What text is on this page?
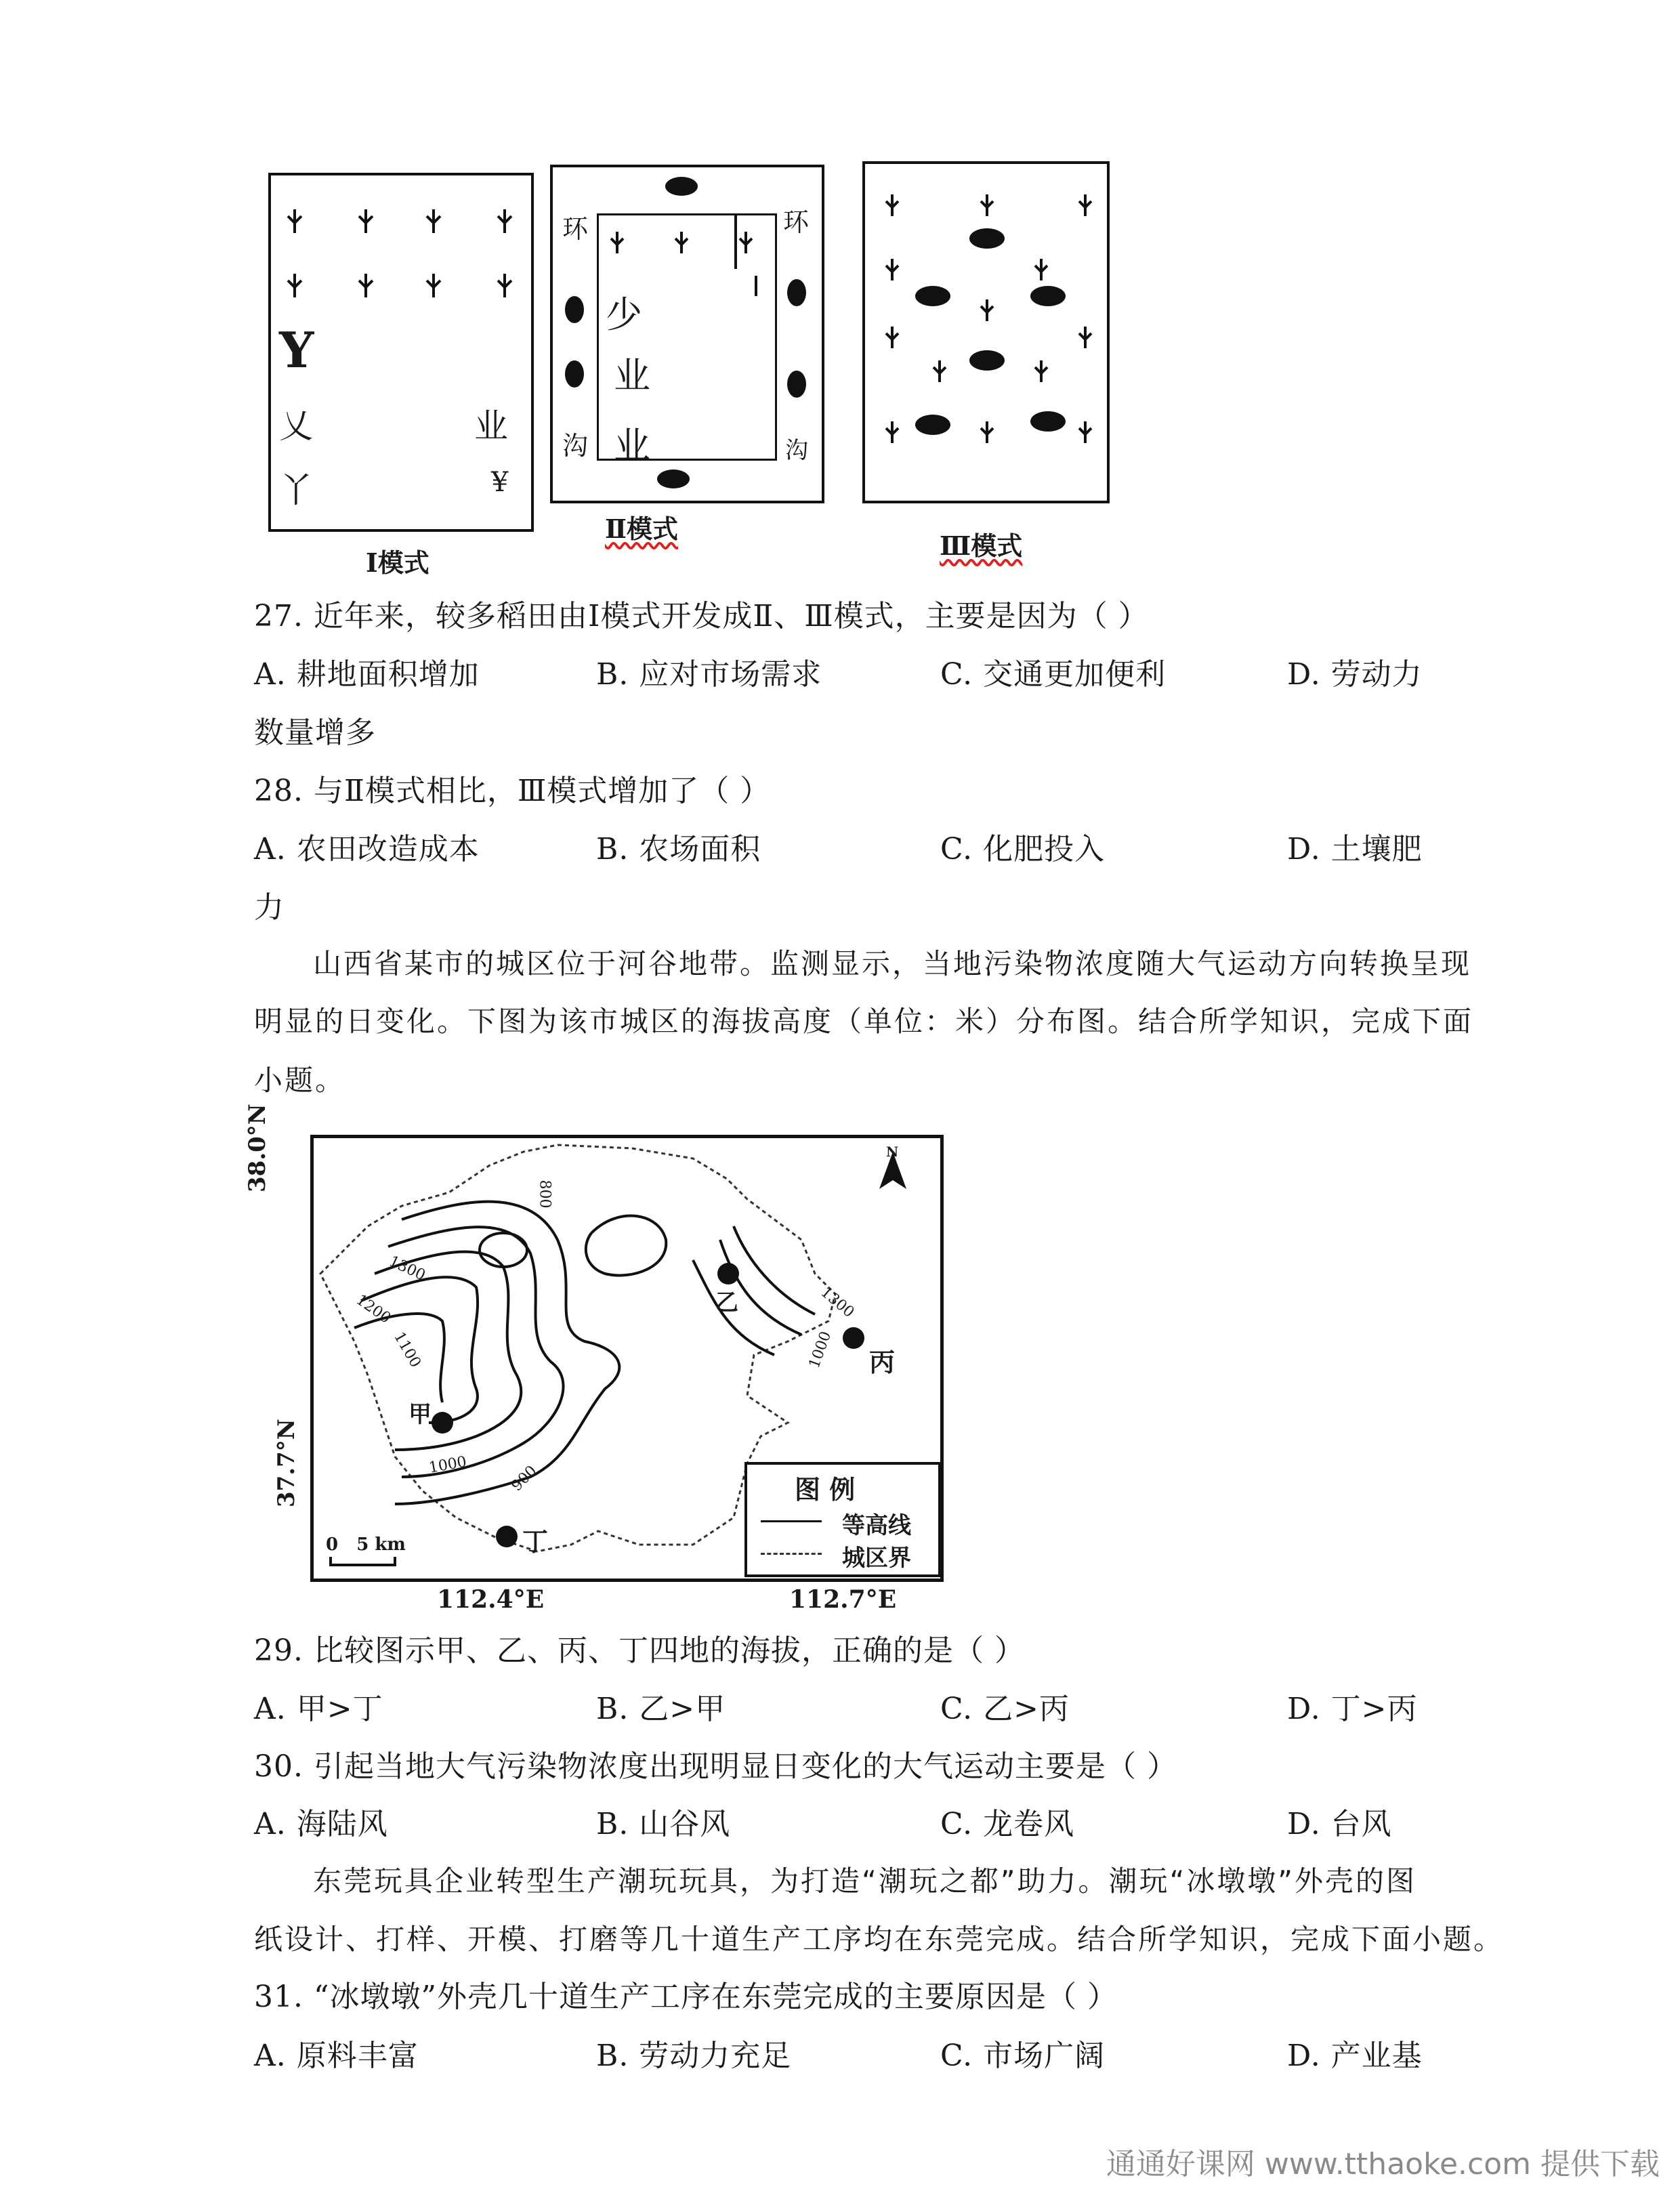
Y
乂
丫
业
¥
Ⅰ模式
环
沟
环
沟
少
业
业
Ⅱ模式
Ⅲ模式
27. 近年来，较多稻田由Ⅰ模式开发成Ⅱ、Ⅲ模式，主要是因为（ ）
A. 耕地面积增加	B. 应对市场需求	C. 交通更加便利	D. 劳动力
数量增多
28. 与Ⅱ模式相比，Ⅲ模式增加了（ ）
A. 农田改造成本	B. 农场面积	C. 化肥投入	D. 土壤肥
力
山西省某市的城区位于河谷地带。监测显示，当地污染物浓度随大气运动方向转换呈现
明显的日变化。下图为该市城区的海拔高度（单位：米）分布图。结合所学知识，完成下面
小题。
38.0°N
37.7°N
1300
1200
1100
1000	900
1300
1000
800
甲
乙
丙
丁
N
0   5 km
图 例
等高线
城区界
112.4°E	112.7°E
29. 比较图示甲、乙、丙、丁四地的海拔，正确的是（ ）
A. 甲>丁	B. 乙>甲	C. 乙>丙	D. 丁>丙
30. 引起当地大气污染物浓度出现明显日变化的大气运动主要是（ ）
A. 海陆风	B. 山谷风	C. 龙卷风	D. 台风
东莞玩具企业转型生产潮玩玩具，为打造“潮玩之都”助力。潮玩“冰墩墩”外壳的图
纸设计、打样、开模、打磨等几十道生产工序均在东莞完成。结合所学知识，完成下面小题。
31. “冰墩墩”外壳几十道生产工序在东莞完成的主要原因是（ ）
A. 原料丰富	B. 劳动力充足	C. 市场广阔	D. 产业基
通通好课网 www.tthaoke.com 提供下载
